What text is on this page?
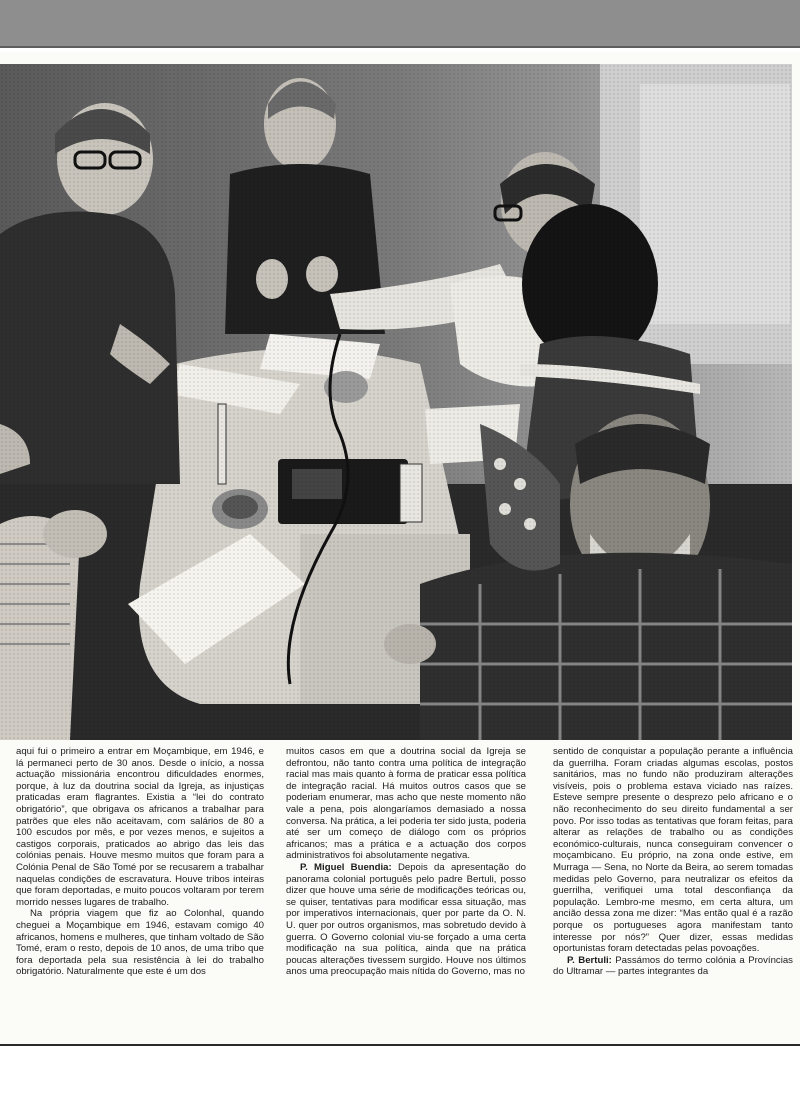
aqui fui o primeiro a entrar em Moçambique, em 1946, e lá permaneci perto de 30 anos. Desde o início, a nossa actuação missionária encontrou dificuldades enormes, porque, à luz da doutrina social da Igreja, as injustiças praticadas eram flagrantes. Existia a “lei do contrato obrigatório”, que obrigava os africanos a trabalhar para patrões que eles não aceitavam, com salários de 80 a 100 escudos por mês, e por vezes menos, e sujeitos a castigos corporais, praticados ao abrigo das leis das colónias penais. Houve mesmo muitos que foram para a Colónia Penal de São Tomé por se recusarem a trabalhar naquelas condições de escravatura. Houve tribos inteiras que foram deportadas, e muito poucos voltaram por terem morrido nesses lugares de trabalho.

Na própria viagem que fiz ao Colonhal, quando cheguei a Moçambique em 1946, estavam comigo 40 africanos, homens e mulheres, que tinham voltado de São Tomé, eram o resto, depois de 10 anos, de uma tribo que fora deportada pela sua resistência à lei do trabalho obrigatório. Naturalmente que este é um dos

muitos casos em que a doutrina social da Igreja se defrontou, não tanto contra uma política de integração racial mas mais quanto à forma de praticar essa política de integração racial. Há muitos outros casos que se poderiam enumerar, mas acho que neste momento não vale a pena, pois alongaríamos demasiado a nossa conversa. Na prática, a lei poderia ter sido justa, poderia até ser um começo de diálogo com os próprios africanos; mas a prática e a actuação dos corpos administrativos foi absolutamente negativa.

P. Miguel Buendia: Depois da apresentação do panorama colonial português pelo padre Bertuli, posso dizer que houve uma série de modificações teóricas ou, se quiser, tentativas para modificar essa situação, mas por imperativos internacionais, quer por parte da O. N. U. quer por outros organismos, mas sobretudo devido à guerra. O Governo colonial viu-se forçado a uma certa modificação na sua política, ainda que na prática poucas alterações tivessem surgido. Houve nos últimos anos uma preocupação mais nítida do Governo, mas no

sentido de conquistar a população perante a influência da guerrilha. Foram criadas algumas escolas, postos sanitários, mas no fundo não produziram alterações visíveis, pois o problema estava viciado nas raízes. Esteve sempre presente o desprezo pelo africano e o não reconhecimento do seu direito fundamental a ser povo. Por isso todas as tentativas que foram feitas, para alterar as relações de trabalho ou as condições económico-culturais, nunca conseguiram convencer o moçambicano. Eu próprio, na zona onde estive, em Murraga — Sena, no Norte da Beira, ao serem tomadas medidas pelo Governo, para neutralizar os efeitos da guerrilha, verifiquei uma total desconfiança da população. Lembro-me mesmo, em certa altura, um ancião dessa zona me dizer: “Mas então qual é a razão porque os portugueses agora manifestam tanto interesse por nós?” Quer dizer, essas medidas oportunistas foram detectadas pelas povoações.

P. Bertuli: Passámos do termo colónia a Províncias do Ultramar — partes integrantes da
